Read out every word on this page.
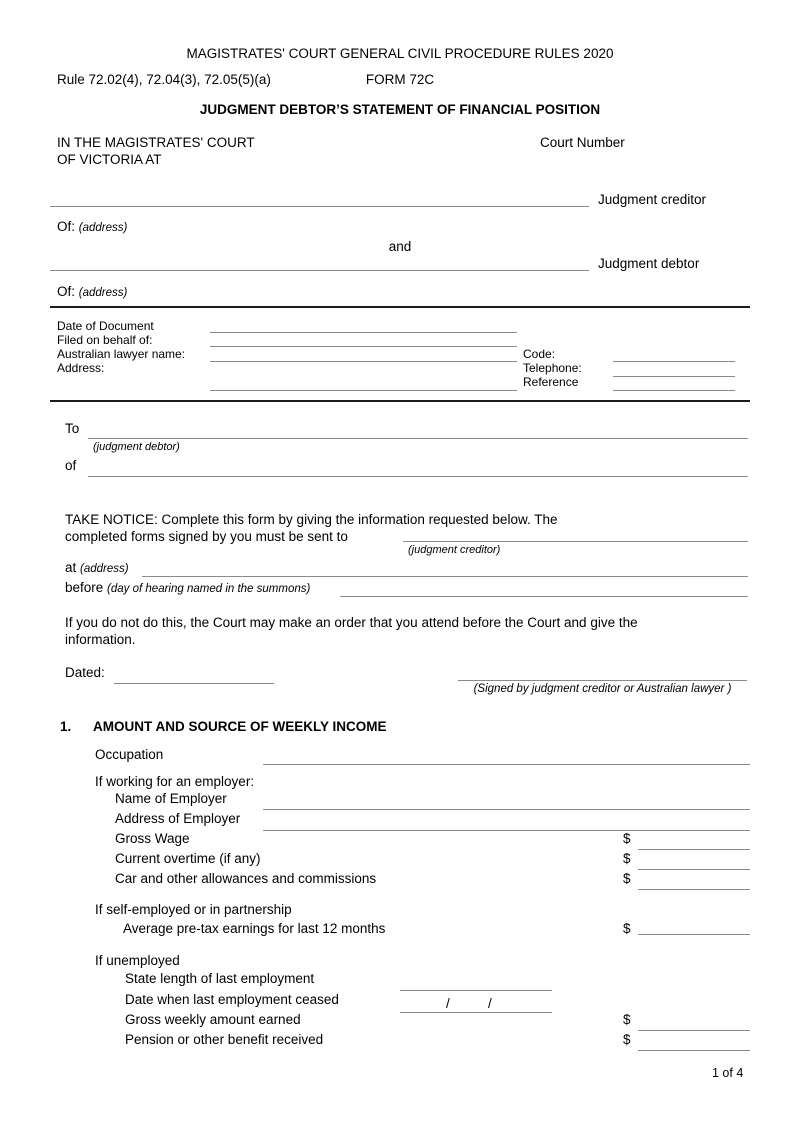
MAGISTRATES' COURT GENERAL CIVIL PROCEDURE RULES 2020
Rule 72.02(4), 72.04(3), 72.05(5)(a)	FORM 72C
JUDGMENT DEBTOR’S STATEMENT OF FINANCIAL POSITION
IN THE MAGISTRATES' COURT
OF VICTORIA AT
Court Number
Judgment creditor
Of: (address)
and
Judgment debtor
Of: (address)
Date of Document
Filed on behalf of:
Australian lawyer name:
Address:
Code:
Telephone:
Reference
To
(judgment debtor)
of
TAKE NOTICE: Complete this form by giving the information requested below. The
completed forms signed by you must be sent to
(judgment creditor)
at (address)
before (day of hearing named in the summons)
If you do not do this, the Court may make an order that you attend before the Court and give the
information.
Dated:
(Signed by judgment creditor or Australian lawyer )
1. AMOUNT AND SOURCE OF WEEKLY INCOME
Occupation
If working for an employer:
Name of Employer
Address of Employer
Gross Wage	$
Current overtime (if any)	$
Car and other allowances and commissions	$
If self-employed or in partnership
Average pre-tax earnings for last 12 months	$
If unemployed
State length of last employment
Date when last employment ceased	/	/
Gross weekly amount earned	$
Pension or other benefit received	$
1 of 4
